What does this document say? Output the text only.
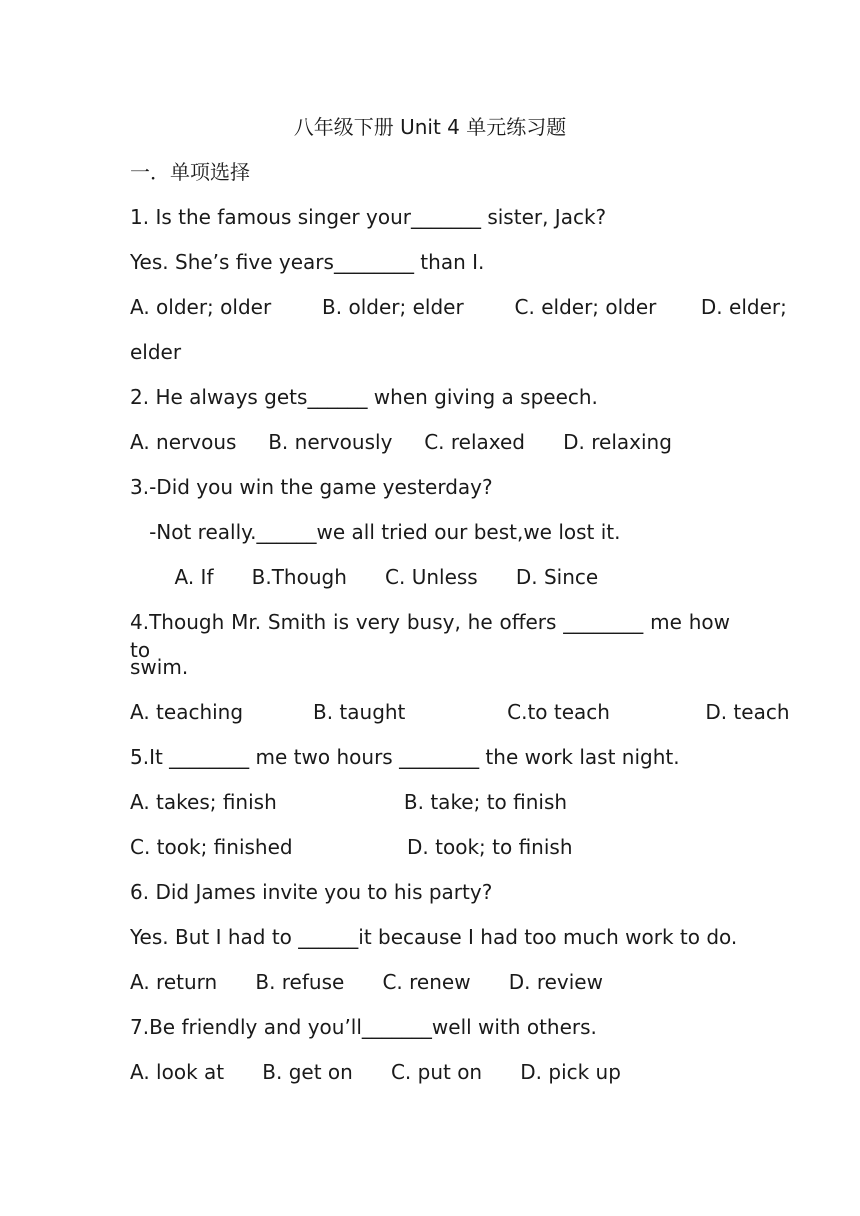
八年级下册 Unit 4 单元练习题
一．单项选择
1. Is the famous singer your_______ sister, Jack?
Yes. She’s five years________ than I.
A. older; older        B. older; elder        C. elder; older       D. elder;
elder
2. He always gets______ when giving a speech.
A. nervous     B. nervously     C. relaxed      D. relaxing
3.-Did you win the game yesterday?
-Not really.______we all tried our best,we lost it.
A. If      B.Though      C. Unless      D. Since
4.Though Mr. Smith is very busy, he offers ________ me how to
swim.
A. teaching           B. taught                C.to teach               D. teach
5.It ________ me two hours ________ the work last night.
A. takes; finish                    B. take; to finish
C. took; finished                  D. took; to finish
6. Did James invite you to his party?
Yes. But I had to ______it because I had too much work to do.
A. return      B. refuse      C. renew      D. review
7.Be friendly and you’ll_______well with others.
A. look at      B. get on      C. put on      D. pick up
